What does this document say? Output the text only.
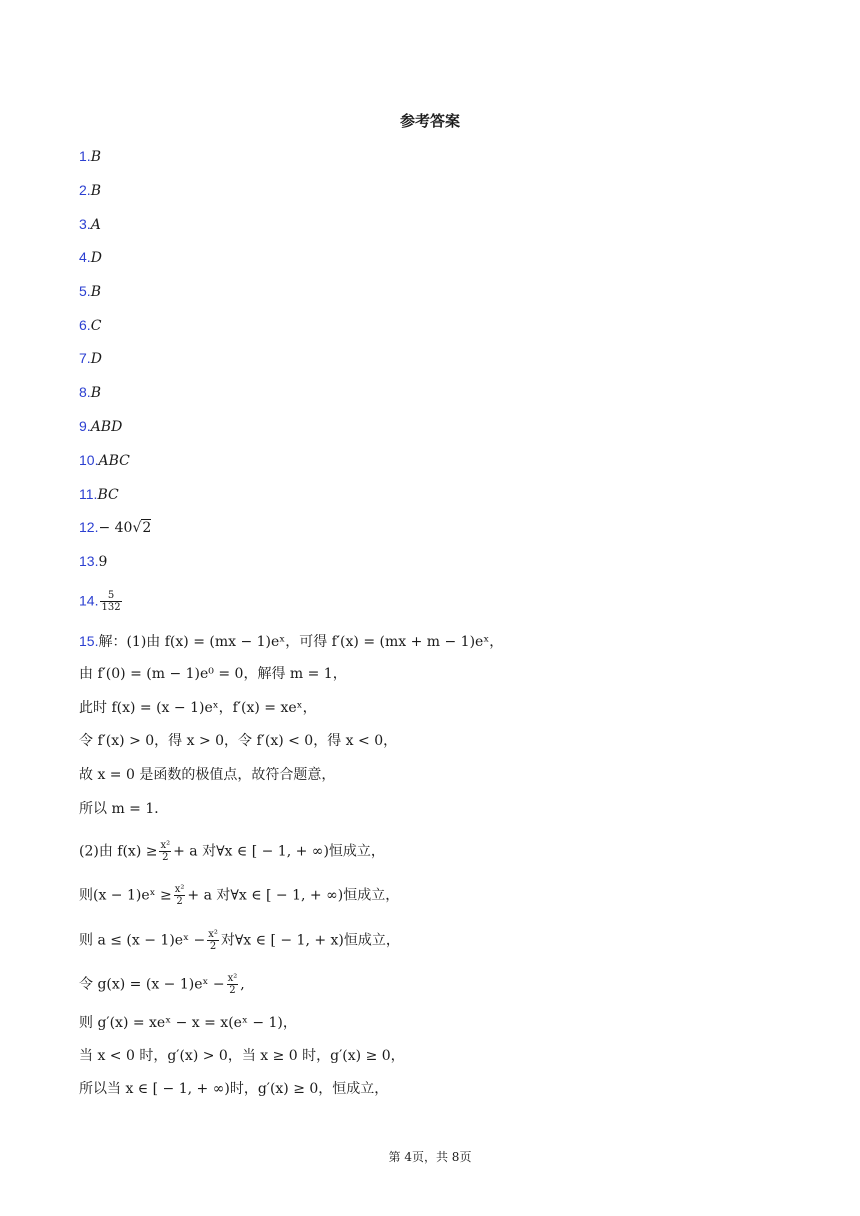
参考答案
1.B
2.B
3.A
4.D
5.B
6.C
7.D
8.B
9.ABD
10.ABC
11.BC
12.− 40√2
13.9
14. $\frac{5}{132}$
15.解：(1)由 f(x) = (mx − 1)eˣ，可得 f′(x) = (mx + m − 1)eˣ，
由 f′(0) = (m − 1)e⁰ = 0，解得 m = 1，
此时 f(x) = (x − 1)eˣ，f′(x) = xeˣ，
令 f′(x) > 0，得 x > 0，令 f′(x) < 0，得 x < 0，
故 x = 0 是函数的极值点，故符合题意，
所以 m = 1．
(2)由 $f(x) \ge \frac{\text{x²}}{2} + a$ 对∀x ∈ [ − 1, + ∞)恒成立，
则(x − 1)eˣ ≥ $\frac{\text{x²}}{2} + a$ 对∀x ∈ [ − 1, + ∞)恒成立，
则 a ≤ (x − 1)eˣ − $\frac{\text{x²}}{2}$ 对∀x ∈ [ − 1, + x)恒成立，
令 g(x) = (x − 1)eˣ − $\frac{\text{x²}}{2}$ ,
则 g′(x) = xeˣ − x = x(eˣ − 1)，
当 x < 0 时，g′(x) > 0，当 x ≥ 0 时，g′(x) ≥ 0，
所以当 x ∈ [ − 1, + ∞)时，g′(x) ≥ 0，恒成立，
第 4页，共 8页
